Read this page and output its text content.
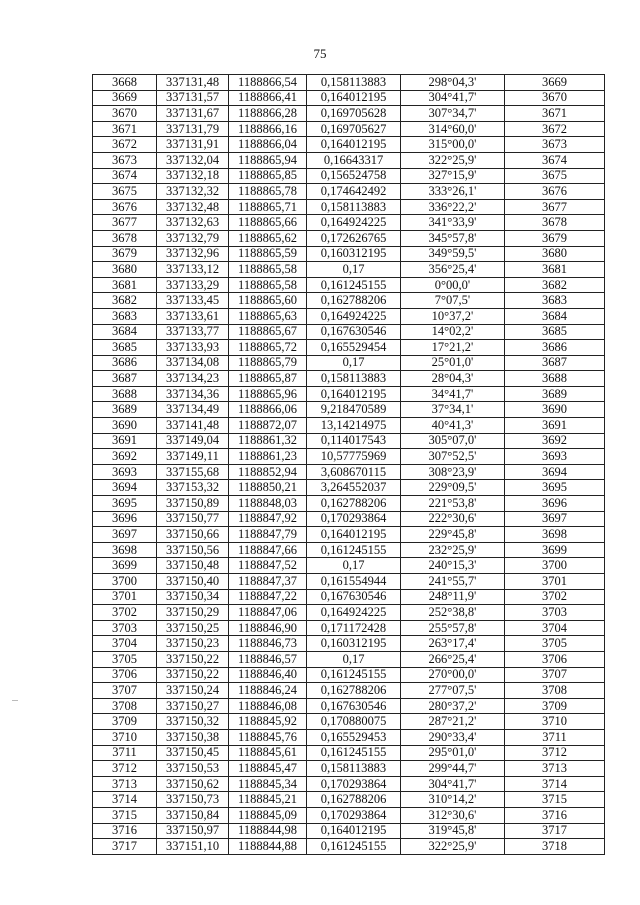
75
3668	337131,48	1188866,54	0,158113883	298°04,3'	3669
3669	337131,57	1188866,41	0,164012195	304°41,7'	3670
3670	337131,67	1188866,28	0,169705628	307°34,7'	3671
3671	337131,79	1188866,16	0,169705627	314°60,0'	3672
3672	337131,91	1188866,04	0,164012195	315°00,0'	3673
3673	337132,04	1188865,94	0,16643317	322°25,9'	3674
3674	337132,18	1188865,85	0,156524758	327°15,9'	3675
3675	337132,32	1188865,78	0,174642492	333°26,1'	3676
3676	337132,48	1188865,71	0,158113883	336°22,2'	3677
3677	337132,63	1188865,66	0,164924225	341°33,9'	3678
3678	337132,79	1188865,62	0,172626765	345°57,8'	3679
3679	337132,96	1188865,59	0,160312195	349°59,5'	3680
3680	337133,12	1188865,58	0,17	356°25,4'	3681
3681	337133,29	1188865,58	0,161245155	0°00,0'	3682
3682	337133,45	1188865,60	0,162788206	7°07,5'	3683
3683	337133,61	1188865,63	0,164924225	10°37,2'	3684
3684	337133,77	1188865,67	0,167630546	14°02,2'	3685
3685	337133,93	1188865,72	0,165529454	17°21,2'	3686
3686	337134,08	1188865,79	0,17	25°01,0'	3687
3687	337134,23	1188865,87	0,158113883	28°04,3'	3688
3688	337134,36	1188865,96	0,164012195	34°41,7'	3689
3689	337134,49	1188866,06	9,218470589	37°34,1'	3690
3690	337141,48	1188872,07	13,14214975	40°41,3'	3691
3691	337149,04	1188861,32	0,114017543	305°07,0'	3692
3692	337149,11	1188861,23	10,57775969	307°52,5'	3693
3693	337155,68	1188852,94	3,608670115	308°23,9'	3694
3694	337153,32	1188850,21	3,264552037	229°09,5'	3695
3695	337150,89	1188848,03	0,162788206	221°53,8'	3696
3696	337150,77	1188847,92	0,170293864	222°30,6'	3697
3697	337150,66	1188847,79	0,164012195	229°45,8'	3698
3698	337150,56	1188847,66	0,161245155	232°25,9'	3699
3699	337150,48	1188847,52	0,17	240°15,3'	3700
3700	337150,40	1188847,37	0,161554944	241°55,7'	3701
3701	337150,34	1188847,22	0,167630546	248°11,9'	3702
3702	337150,29	1188847,06	0,164924225	252°38,8'	3703
3703	337150,25	1188846,90	0,171172428	255°57,8'	3704
3704	337150,23	1188846,73	0,160312195	263°17,4'	3705
3705	337150,22	1188846,57	0,17	266°25,4'	3706
3706	337150,22	1188846,40	0,161245155	270°00,0'	3707
3707	337150,24	1188846,24	0,162788206	277°07,5'	3708
3708	337150,27	1188846,08	0,167630546	280°37,2'	3709
3709	337150,32	1188845,92	0,170880075	287°21,2'	3710
3710	337150,38	1188845,76	0,165529453	290°33,4'	3711
3711	337150,45	1188845,61	0,161245155	295°01,0'	3712
3712	337150,53	1188845,47	0,158113883	299°44,7'	3713
3713	337150,62	1188845,34	0,170293864	304°41,7'	3714
3714	337150,73	1188845,21	0,162788206	310°14,2'	3715
3715	337150,84	1188845,09	0,170293864	312°30,6'	3716
3716	337150,97	1188844,98	0,164012195	319°45,8'	3717
3717	337151,10	1188844,88	0,161245155	322°25,9'	3718
